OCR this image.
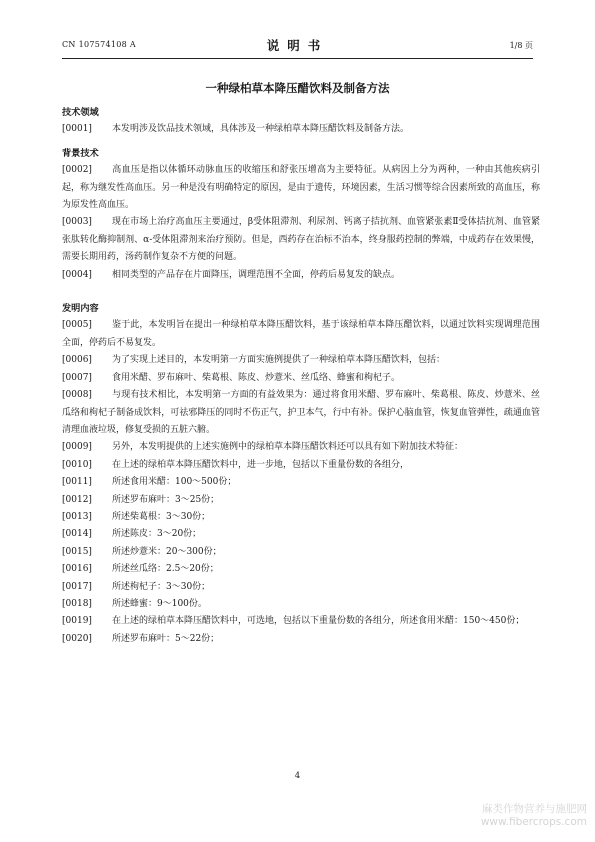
CN 107574108 A	说明书	1/8 页
一种绿柏草本降压醋饮料及制备方法

技术领域

[0001] 本发明涉及饮品技术领域，具体涉及一种绿柏草本降压醋饮料及制备方法。

背景技术

[0002] 高血压是指以体循环动脉血压的收缩压和舒张压增高为主要特征。从病因上分为两种，一种由其他疾病引起，称为继发性高血压。另一种是没有明确特定的原因，是由于遗传，环境因素，生活习惯等综合因素所致的高血压，称为原发性高血压。

[0003] 现在市场上治疗高血压主要通过，β受体阻滞剂、利尿剂、钙离子拮抗剂、血管紧张素Ⅱ受体拮抗剂、血管紧张肽转化酶抑制剂、α-受体阻滞剂来治疗预防。但是，西药存在治标不治本，终身服药控制的弊端，中成药存在效果慢，需要长期用药，汤药制作复杂不方便的问题。

[0004] 相同类型的产品存在片面降压，调理范围不全面，停药后易复发的缺点。

发明内容

[0005] 鉴于此，本发明旨在提出一种绿柏草本降压醋饮料，基于该绿柏草本降压醋饮料，以通过饮料实现调理范围全面，停药后不易复发。

[0006] 为了实现上述目的，本发明第一方面实施例提供了一种绿柏草本降压醋饮料，包括：

[0007] 食用米醋、罗布麻叶、柴葛根、陈皮、炒薏米、丝瓜络、蜂蜜和枸杞子。

[0008] 与现有技术相比，本发明第一方面的有益效果为：通过将食用米醋、罗布麻叶、柴葛根、陈皮、炒薏米、丝瓜络和枸杞子制备成饮料，可祛邪降压的同时不伤正气，护卫本气，行中有补。保护心脑血管，恢复血管弹性，疏通血管清理血液垃圾，修复受损的五脏六腑。

[0009] 另外，本发明提供的上述实施例中的绿柏草本降压醋饮料还可以具有如下附加技术特征：

[0010] 在上述的绿柏草本降压醋饮料中，进一步地，包括以下重量份数的各组分，

[0011] 所述食用米醋：100～500份；

[0012] 所述罗布麻叶：3～25份；

[0013] 所述柴葛根：3～30份；

[0014] 所述陈皮：3～20份；

[0015] 所述炒薏米：20～300份；

[0016] 所述丝瓜络：2.5～20份；

[0017] 所述枸杞子：3～30份；

[0018] 所述蜂蜜：9～100份。

[0019] 在上述的绿柏草本降压醋饮料中，可选地，包括以下重量份数的各组分，所述食用米醋：150～450份；

[0020] 所述罗布麻叶：5～22份；

4
麻类作物营养与施肥网
www.fibercrops.com
